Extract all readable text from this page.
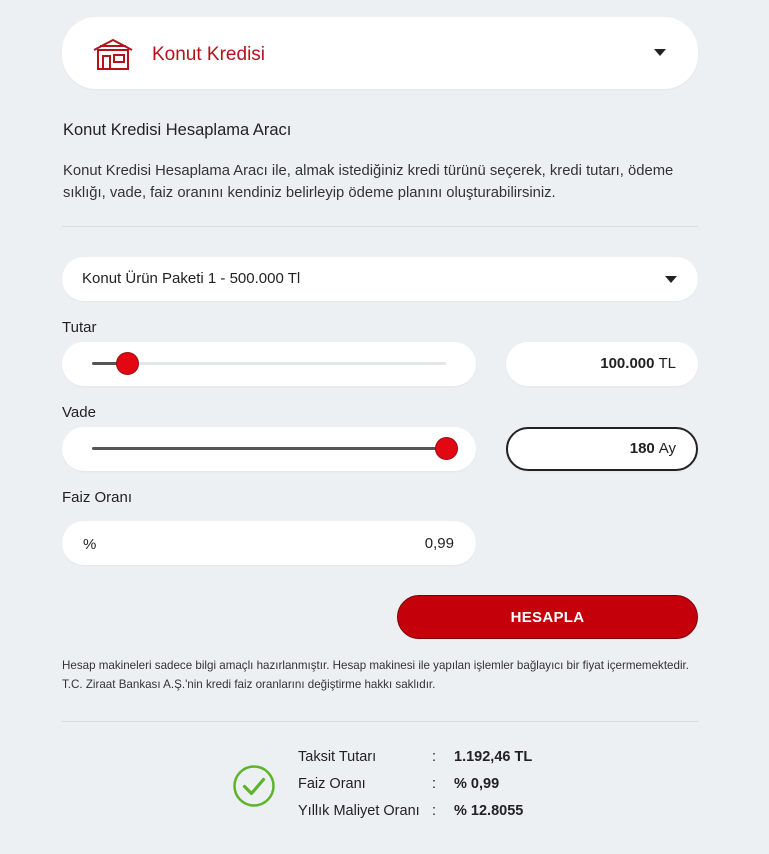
Konut Kredisi
Konut Kredisi Hesaplama Aracı
Konut Kredisi Hesaplama Aracı ile, almak istediğiniz kredi türünü seçerek, kredi tutarı, ödeme sıklığı, vade, faiz oranını kendiniz belirleyip ödeme planını oluşturabilirsiniz.
Konut Ürün Paketi 1 - 500.000 Tl
Tutar
100.000 TL
Vade
180 Ay
Faiz Oranı
%	0,99
HESAPLA
Hesap makineleri sadece bilgi amaçlı hazırlanmıştır. Hesap makinesi ile yapılan işlemler bağlayıcı bir fiyat içermemektedir. T.C. Ziraat Bankası A.Ş.'nin kredi faiz oranlarını değiştirme hakkı saklıdır.
Taksit Tutarı	: 1.192,46 TL
Faiz Oranı	: % 0,99
Yıllık Maliyet Oranı : % 12.8055
